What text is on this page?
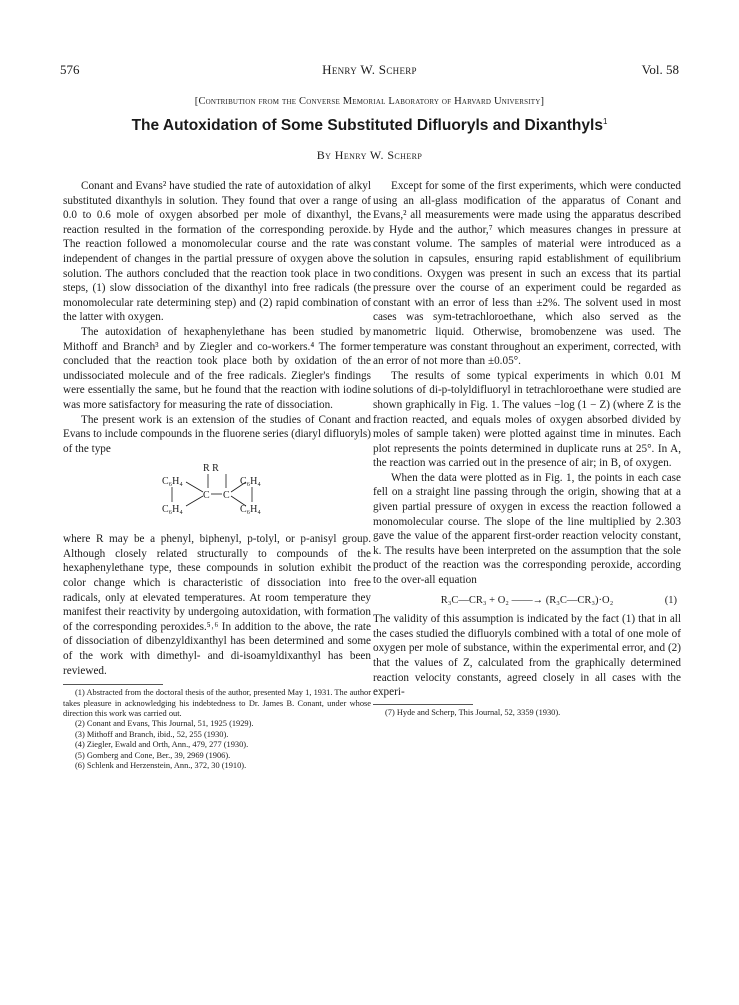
576	Henry W. Scherp	Vol. 58
[Contribution from the Converse Memorial Laboratory of Harvard University]
The Autoxidation of Some Substituted Difluoryls and Dixanthyls$^1$
By Henry W. Scherp

Conant and Evans² have studied the rate of autoxidation of alkyl substituted dixanthyls in solution. They found that over a range of 0.0 to 0.6 mole of oxygen absorbed per mole of dixanthyl, the reaction resulted in the formation of the corresponding peroxide. The reaction followed a monomolecular course and the rate was independent of changes in the partial pressure of oxygen above the solution. The authors concluded that the reaction took place in two steps, (1) slow dissociation of the dixanthyl into free radicals (the monomolecular rate determining step) and (2) rapid combination of the latter with oxygen.

The autoxidation of hexaphenylethane has been studied by Mithoff and Branch³ and by Ziegler and co-workers.⁴ The former concluded that the reaction took place both by oxidation of the undissociated molecule and of the free radicals. Ziegler's findings were essentially the same, but he found that the reaction with iodine was more satisfactory for measuring the rate of dissociation.

The present work is an extension of the studies of Conant and Evans to include compounds in the fluorene series (diaryl difluoryls) of the type

R R
C₆H₄	C₆H₄
C C
C₆H₄	C₆H₄

where R may be a phenyl, biphenyl, p-tolyl, or p-anisyl group. Although closely related structurally to compounds of the hexaphenylethane type, these compounds in solution exhibit the color change which is characteristic of dissociation into free radicals, only at elevated temperatures. At room temperature they manifest their reactivity by undergoing autoxidation, with formation of the corresponding peroxides.⁵˒⁶ In addition to the above, the rate of dissociation of dibenzyldixanthyl has been determined and some of the work with dimethyl- and di-isoamyldixanthyl has been reviewed.

(1) Abstracted from the doctoral thesis of the author, presented May 1, 1931. The author takes pleasure in acknowledging his indebtedness to Dr. James B. Conant, under whose direction this work was carried out.
(2) Conant and Evans, This Journal, 51, 1925 (1929).
(3) Mithoff and Branch, ibid., 52, 255 (1930).
(4) Ziegler, Ewald and Orth, Ann., 479, 277 (1930).
(5) Gomberg and Cone, Ber., 39, 2969 (1906).
(6) Schlenk and Herzenstein, Ann., 372, 30 (1910).

Except for some of the first experiments, which were conducted using an all-glass modification of the apparatus of Conant and Evans,² all measurements were made using the apparatus described by Hyde and the author,⁷ which measures changes in pressure at constant volume. The samples of material were introduced as a solution in capsules, ensuring rapid establishment of equilibrium conditions. Oxygen was present in such an excess that its partial pressure over the course of an experiment could be regarded as constant with an error of less than ±2%. The solvent used in most cases was sym-tetrachloroethane, which also served as the manometric liquid. Otherwise, bromobenzene was used. The temperature was constant throughout an experiment, corrected, with an error of not more than ±0.05°.

The results of some typical experiments in which 0.01 M solutions of di-p-tolyldifluoryl in tetrachloroethane were studied are shown graphically in Fig. 1. The values −log (1 − Z) (where Z is the fraction reacted, and equals moles of oxygen absorbed divided by moles of sample taken) were plotted against time in minutes. Each plot represents the points determined in duplicate runs at 25°. In A, the reaction was carried out in the presence of air; in B, of oxygen.

When the data were plotted as in Fig. 1, the points in each case fell on a straight line passing through the origin, showing that at a given partial pressure of oxygen in excess the reaction followed a monomolecular course. The slope of the line multiplied by 2.303 gave the value of the apparent first-order reaction velocity constant, k. The results have been interpreted on the assumption that the sole product of the reaction was the corresponding peroxide, according to the over-all equation

R₃C—CR₃ + O₂ ——→ (R₃C—CR₃)·O₂	(1)

The validity of this assumption is indicated by the fact (1) that in all the cases studied the difluoryls combined with a total of one mole of oxygen per mole of substance, within the experimental error, and (2) that the values of Z, calculated from the graphically determined reaction velocity constants, agreed closely in all cases with the experi-

(7) Hyde and Scherp, This Journal, 52, 3359 (1930).
